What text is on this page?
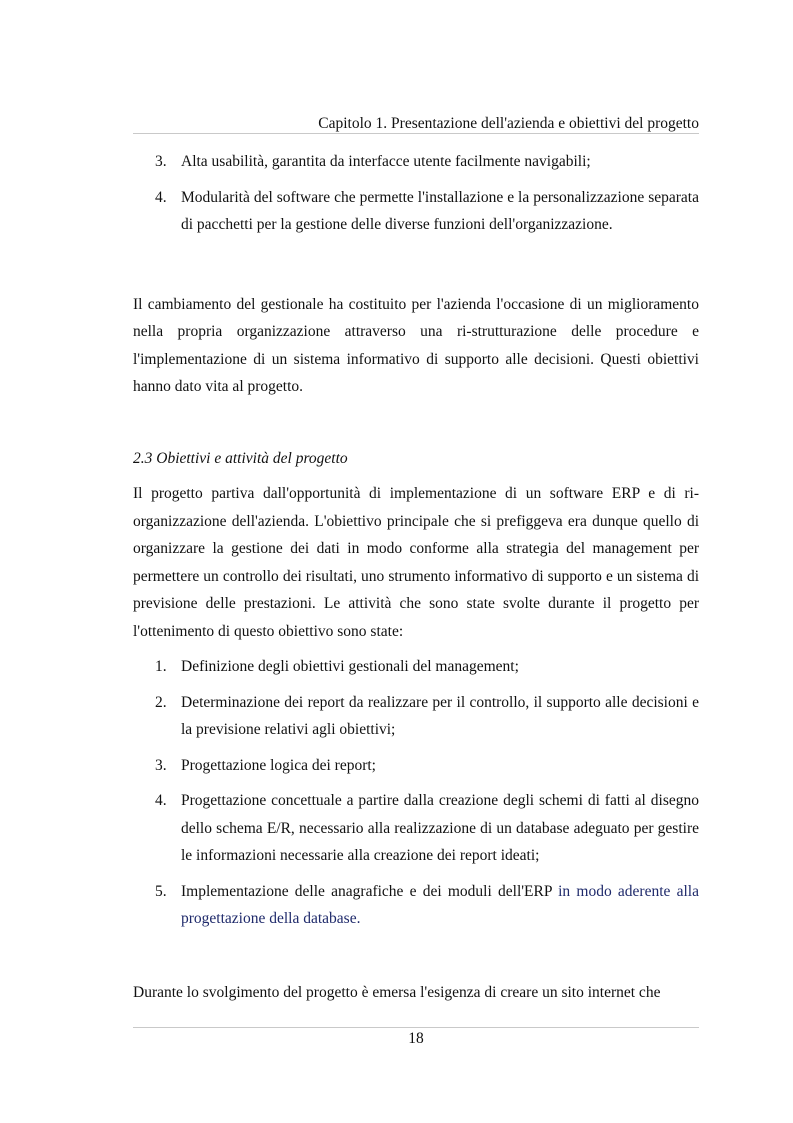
Capitolo 1. Presentazione dell'azienda e obiettivi del progetto
3. Alta usabilità, garantita da interfacce utente facilmente navigabili;
4. Modularità del software che permette l'installazione e la personalizzazione separata di pacchetti per la gestione delle diverse funzioni dell'organizzazione.

Il cambiamento del gestionale ha costituito per l'azienda l'occasione di un miglioramento nella propria organizzazione attraverso una ri-strutturazione delle procedure e l'implementazione di un sistema informativo di supporto alle decisioni. Questi obiettivi hanno dato vita al progetto.

2.3 Obiettivi e attività del progetto

Il progetto partiva dall'opportunità di implementazione di un software ERP e di ri-organizzazione dell'azienda. L'obiettivo principale che si prefiggeva era dunque quello di organizzare la gestione dei dati in modo conforme alla strategia del management per permettere un controllo dei risultati, uno strumento informativo di supporto e un sistema di previsione delle prestazioni. Le attività che sono state svolte durante il progetto per l'ottenimento di questo obiettivo sono state:

1. Definizione degli obiettivi gestionali del management;
2. Determinazione dei report da realizzare per il controllo, il supporto alle decisioni e la previsione relativi agli obiettivi;
3. Progettazione logica dei report;
4. Progettazione concettuale a partire dalla creazione degli schemi di fatti al disegno dello schema E/R, necessario alla realizzazione di un database adeguato per gestire le informazioni necessarie alla creazione dei report ideati;
5. Implementazione delle anagrafiche e dei moduli dell'ERP in modo aderente alla progettazione della database.

Durante lo svolgimento del progetto è emersa l'esigenza di creare un sito internet che

18
